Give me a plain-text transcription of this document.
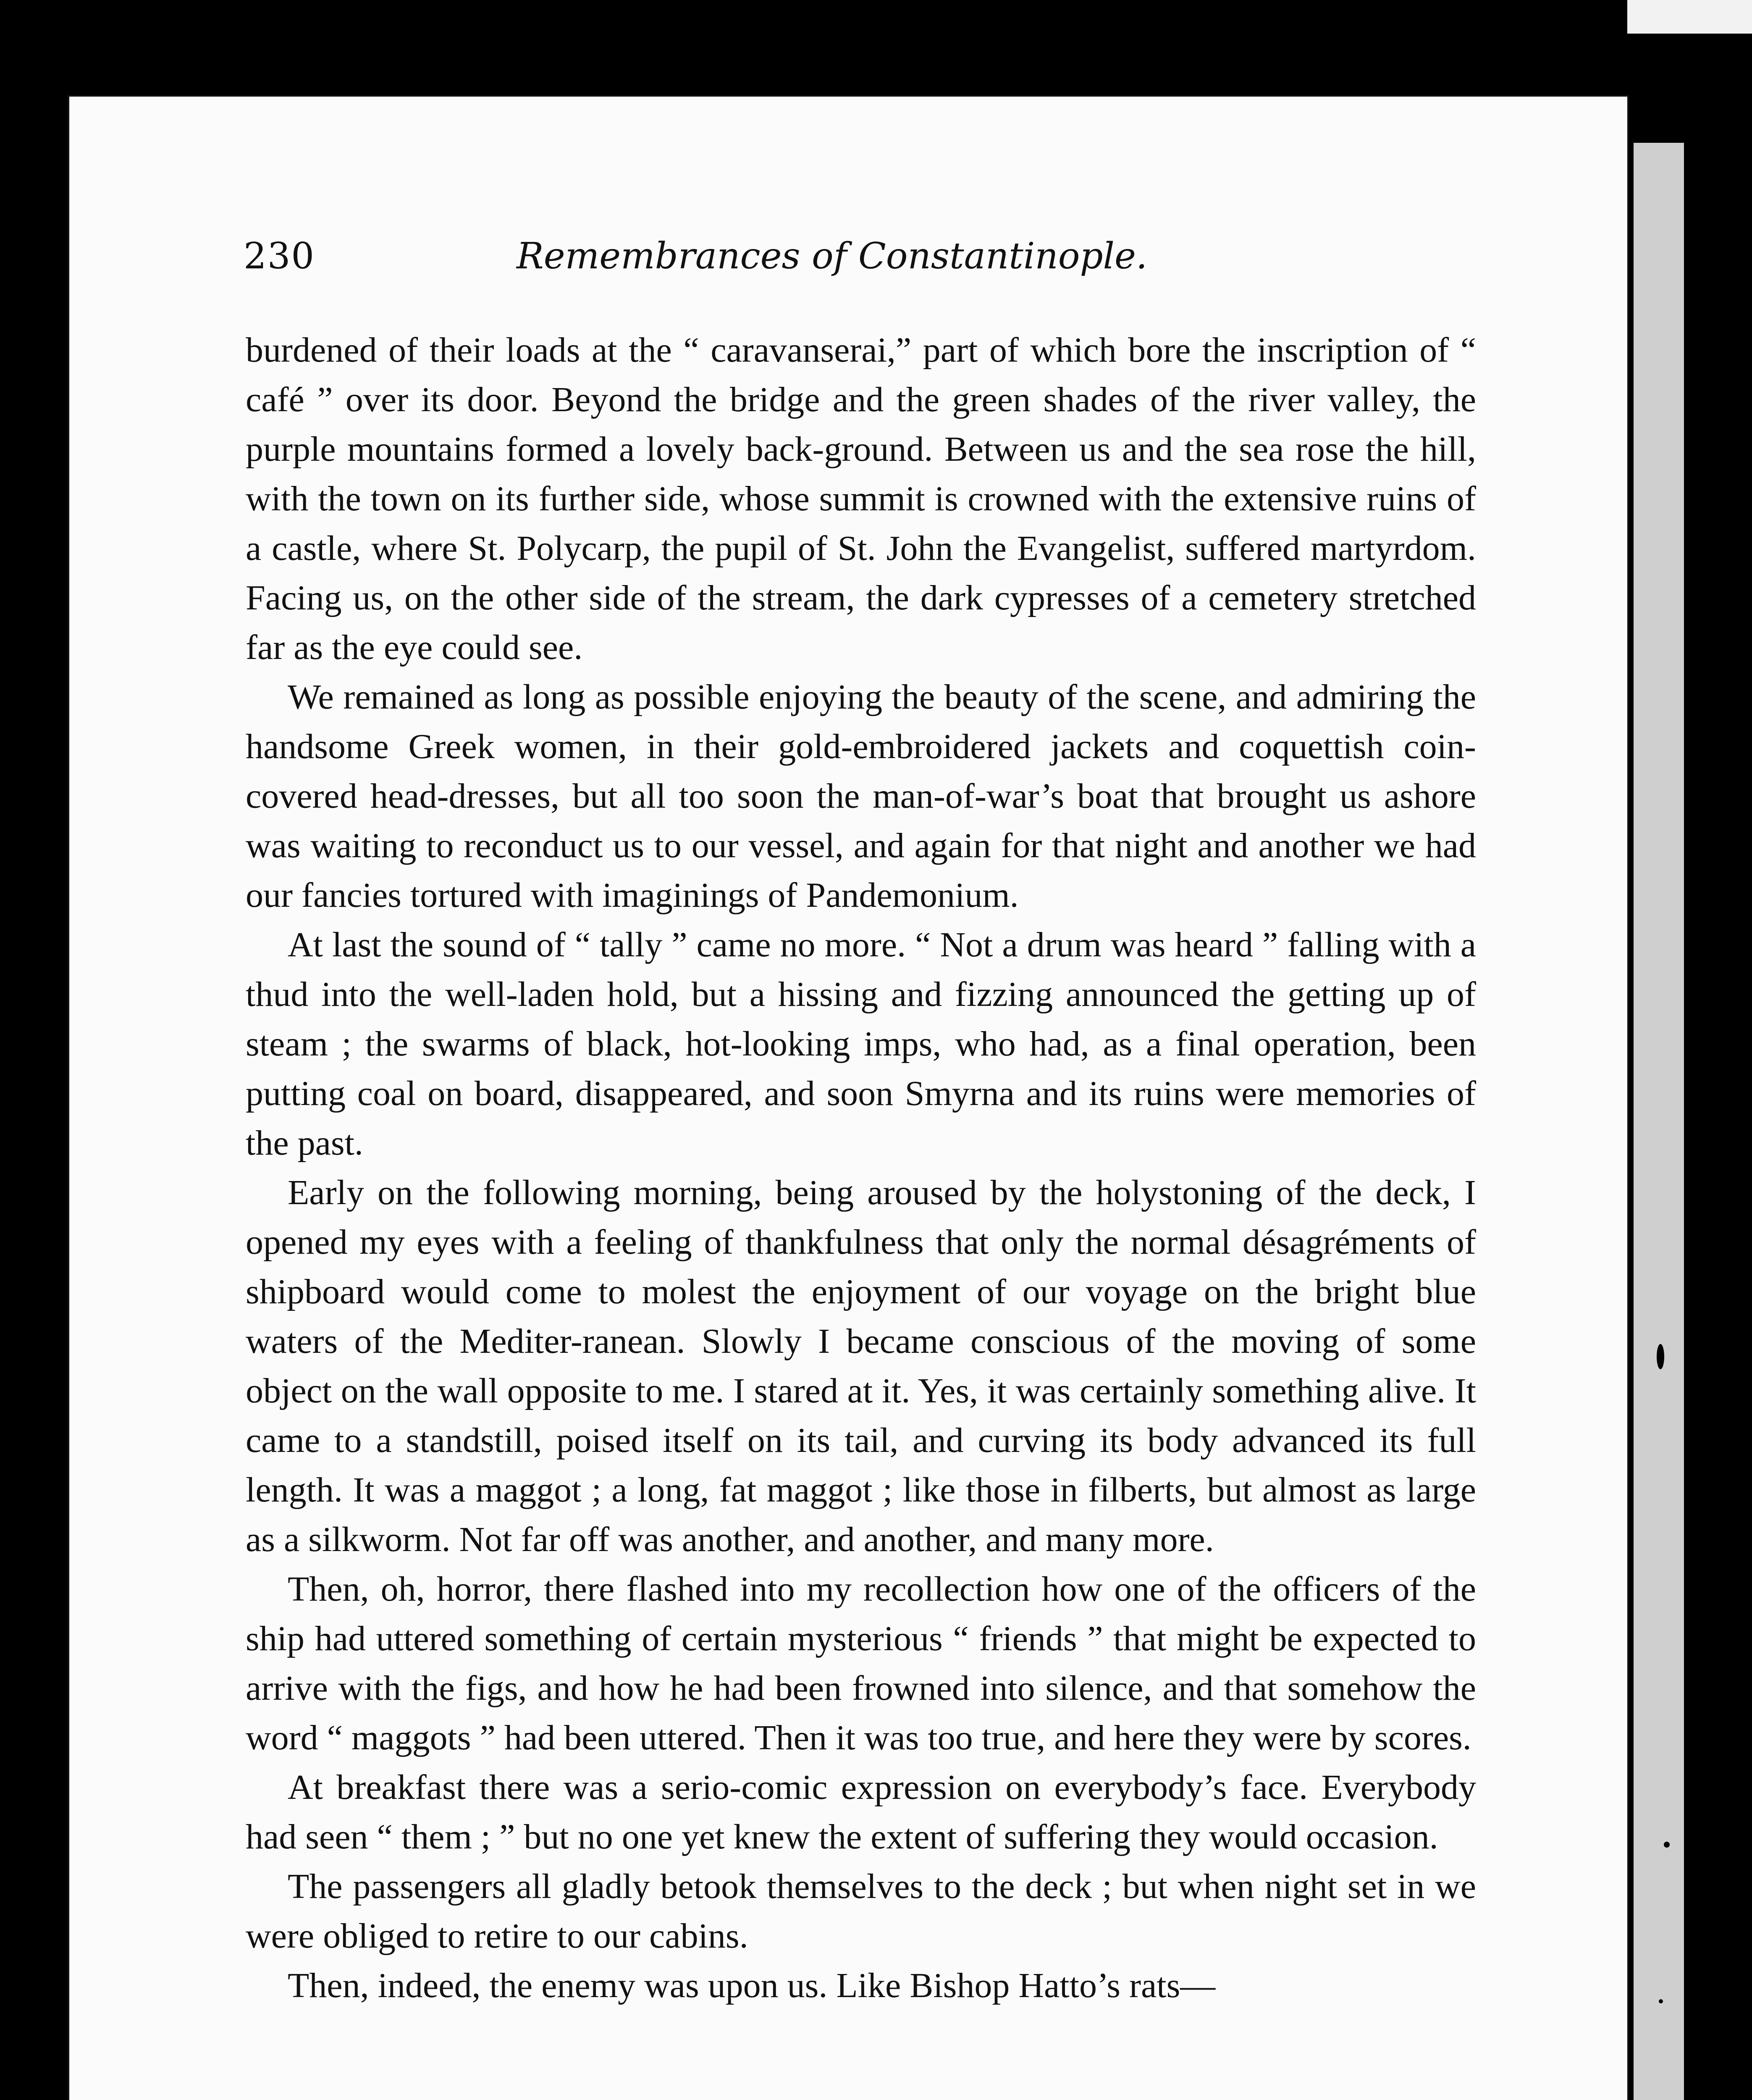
230	Remembrances of Constantinople.

burdened of their loads at the “ caravanserai,” part of which bore the inscription of “ café ” over its door. Beyond the bridge and the green shades of the river valley, the purple mountains formed a lovely back-ground. Between us and the sea rose the hill, with the town on its further side, whose summit is crowned with the extensive ruins of a castle, where St. Polycarp, the pupil of St. John the Evangelist, suffered martyrdom. Facing us, on the other side of the stream, the dark cypresses of a cemetery stretched far as the eye could see.

We remained as long as possible enjoying the beauty of the scene, and admiring the handsome Greek women, in their gold-embroidered jackets and coquettish coin-covered head-dresses, but all too soon the man-of-war’s boat that brought us ashore was waiting to reconduct us to our vessel, and again for that night and another we had our fancies tortured with imaginings of Pandemonium.

At last the sound of “ tally ” came no more. “ Not a drum was heard ” falling with a thud into the well-laden hold, but a hissing and fizzing announced the getting up of steam ; the swarms of black, hot-looking imps, who had, as a final operation, been putting coal on board, disappeared, and soon Smyrna and its ruins were memories of the past.

Early on the following morning, being aroused by the holystoning of the deck, I opened my eyes with a feeling of thankfulness that only the normal désagréments of shipboard would come to molest the enjoyment of our voyage on the bright blue waters of the Mediter-ranean. Slowly I became conscious of the moving of some object on the wall opposite to me. I stared at it. Yes, it was certainly something alive. It came to a standstill, poised itself on its tail, and curving its body advanced its full length. It was a maggot ; a long, fat maggot ; like those in filberts, but almost as large as a silkworm. Not far off was another, and another, and many more.

Then, oh, horror, there flashed into my recollection how one of the officers of the ship had uttered something of certain mysterious “ friends ” that might be expected to arrive with the figs, and how he had been frowned into silence, and that somehow the word “ maggots ” had been uttered. Then it was too true, and here they were by scores.

At breakfast there was a serio-comic expression on everybody’s face. Everybody had seen “ them ; ” but no one yet knew the extent of suffering they would occasion.

The passengers all gladly betook themselves to the deck ; but when night set in we were obliged to retire to our cabins.

Then, indeed, the enemy was upon us. Like Bishop Hatto’s rats—
